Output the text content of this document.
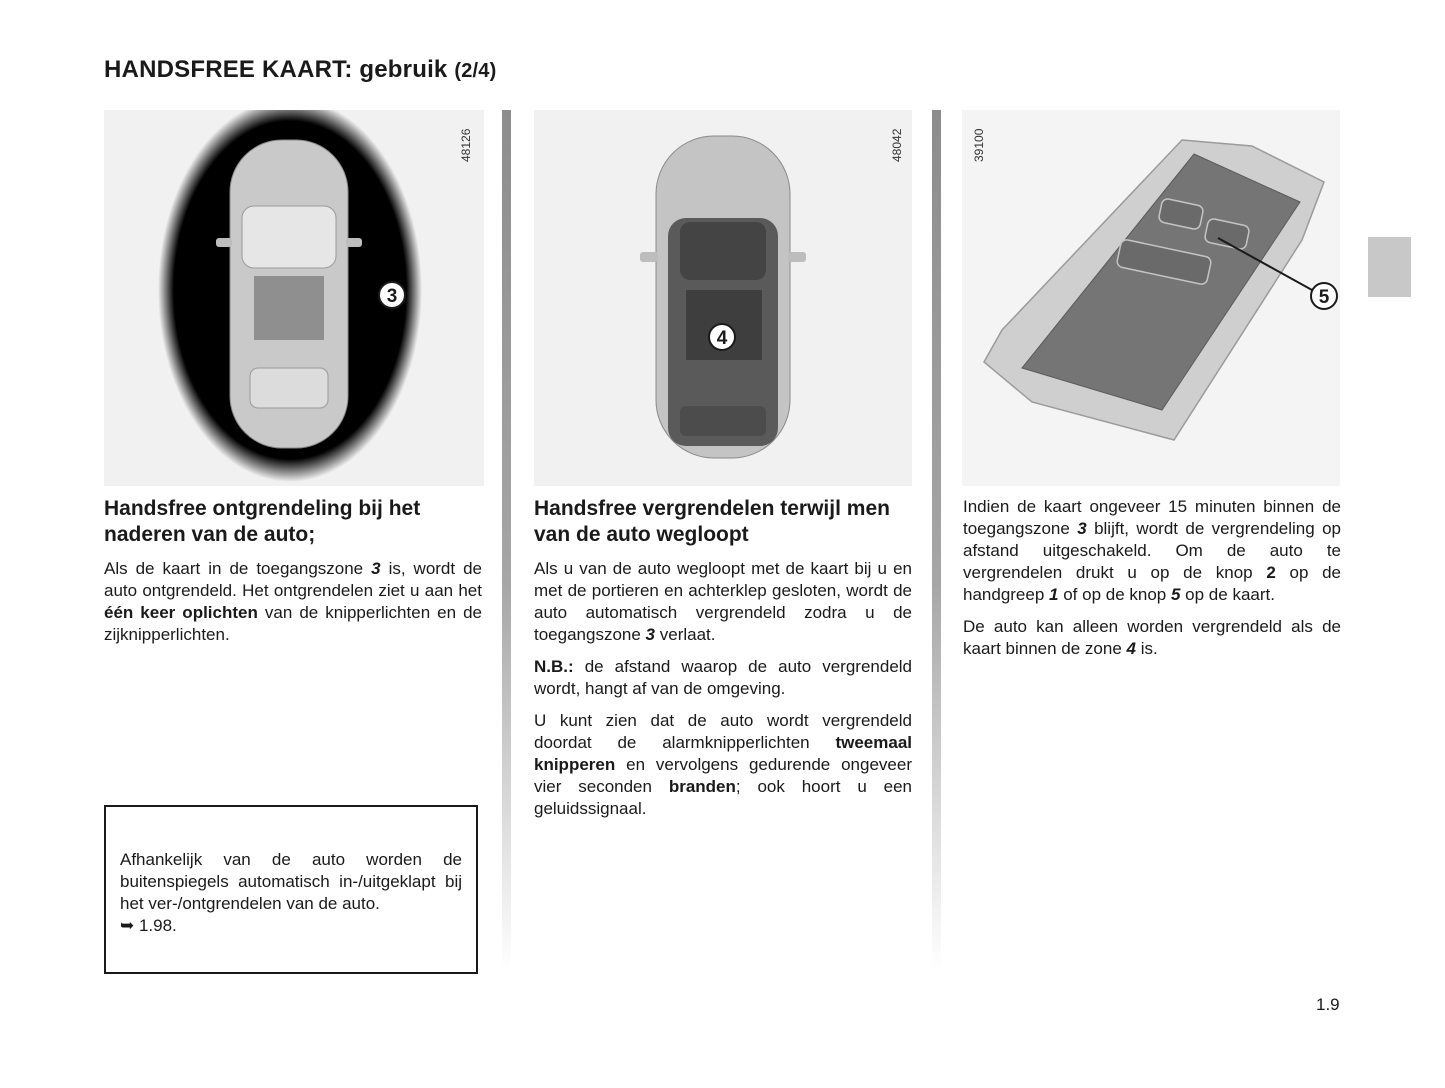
HANDSFREE KAART: gebruik (2/4)
3
48126
4
48042
5
39100
Handsfree ontgrendeling bij het naderen van de auto;

Als de kaart in de toegangszone 3 is, wordt de auto ontgrendeld. Het ontgrendelen ziet u aan het één keer oplichten van de knipperlichten en de zijknipperlichten.

Afhankelijk van de auto worden de buitenspiegels automatisch in-/uitgeklapt bij het ver-/ontgrendelen van de auto.
➥ 1.98.

Handsfree vergrendelen terwijl men van de auto wegloopt

Als u van de auto wegloopt met de kaart bij u en met de portieren en achterklep gesloten, wordt de auto automatisch vergrendeld zodra u de toegangszone 3 verlaat.

N.B.: de afstand waarop de auto vergrendeld wordt, hangt af van de omgeving.

U kunt zien dat de auto wordt vergrendeld doordat de alarmknipperlichten tweemaal knipperen en vervolgens gedurende ongeveer vier seconden branden; ook hoort u een geluidssignaal.

Indien de kaart ongeveer 15 minuten binnen de toegangszone 3 blijft, wordt de vergrendeling op afstand uitgeschakeld. Om de auto te vergrendelen drukt u op de knop 2 op de handgreep 1 of op de knop 5 op de kaart.

De auto kan alleen worden vergrendeld als de kaart binnen de zone 4 is.

1.9
